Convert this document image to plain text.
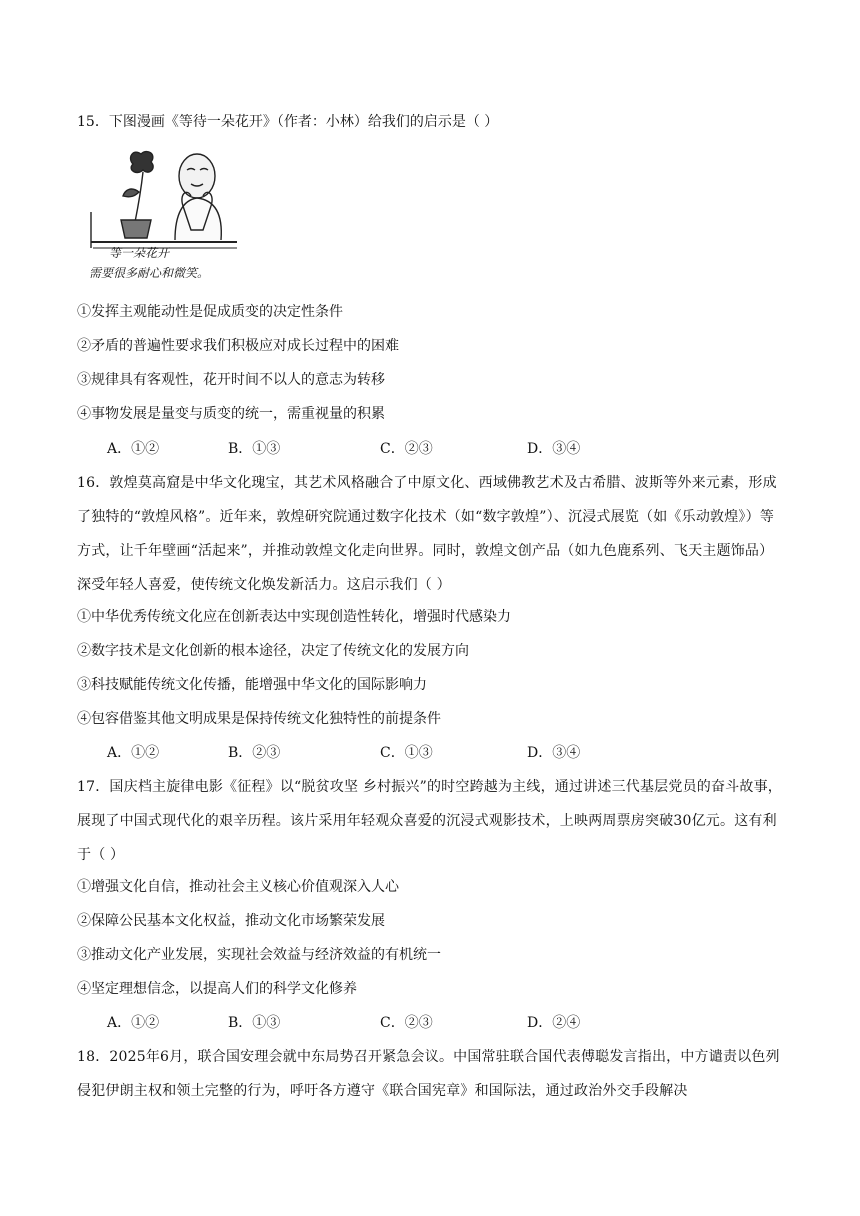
15．下图漫画《等待一朵花开》（作者：小林）给我们的启示是（ ）
等一朵花开
需要很多耐心和微笑。
①发挥主观能动性是促成质变的决定性条件
②矛盾的普遍性要求我们积极应对成长过程中的困难
③规律具有客观性，花开时间不以人的意志为转移
④事物发展是量变与质变的统一，需重视量的积累
A．①②	B．①③	C．②③	D．③④
16．敦煌莫高窟是中华文化瑰宝，其艺术风格融合了中原文化、西域佛教艺术及古希腊、波斯等外来元素，形成了独特的“敦煌风格”。近年来，敦煌研究院通过数字化技术（如“数字敦煌”）、沉浸式展览（如《乐动敦煌》）等方式，让千年壁画“活起来”，并推动敦煌文化走向世界。同时，敦煌文创产品（如九色鹿系列、飞天主题饰品）深受年轻人喜爱，使传统文化焕发新活力。这启示我们（ ）
①中华优秀传统文化应在创新表达中实现创造性转化，增强时代感染力
②数字技术是文化创新的根本途径，决定了传统文化的发展方向
③科技赋能传统文化传播，能增强中华文化的国际影响力
④包容借鉴其他文明成果是保持传统文化独特性的前提条件
A．①②	B．②③	C．①③	D．③④
17．国庆档主旋律电影《征程》以“脱贫攻坚 乡村振兴”的时空跨越为主线，通过讲述三代基层党员的奋斗故事，展现了中国式现代化的艰辛历程。该片采用年轻观众喜爱的沉浸式观影技术，上映两周票房突破30亿元。这有利于（ ）
①增强文化自信，推动社会主义核心价值观深入人心
②保障公民基本文化权益，推动文化市场繁荣发展
③推动文化产业发展，实现社会效益与经济效益的有机统一
④坚定理想信念，以提高人们的科学文化修养
A．①②	B．①③	C．②③	D．②④
18．2025年6月，联合国安理会就中东局势召开紧急会议。中国常驻联合国代表傅聪发言指出，中方谴责以色列侵犯伊朗主权和领土完整的行为，呼吁各方遵守《联合国宪章》和国际法，通过政治外交手段解决
